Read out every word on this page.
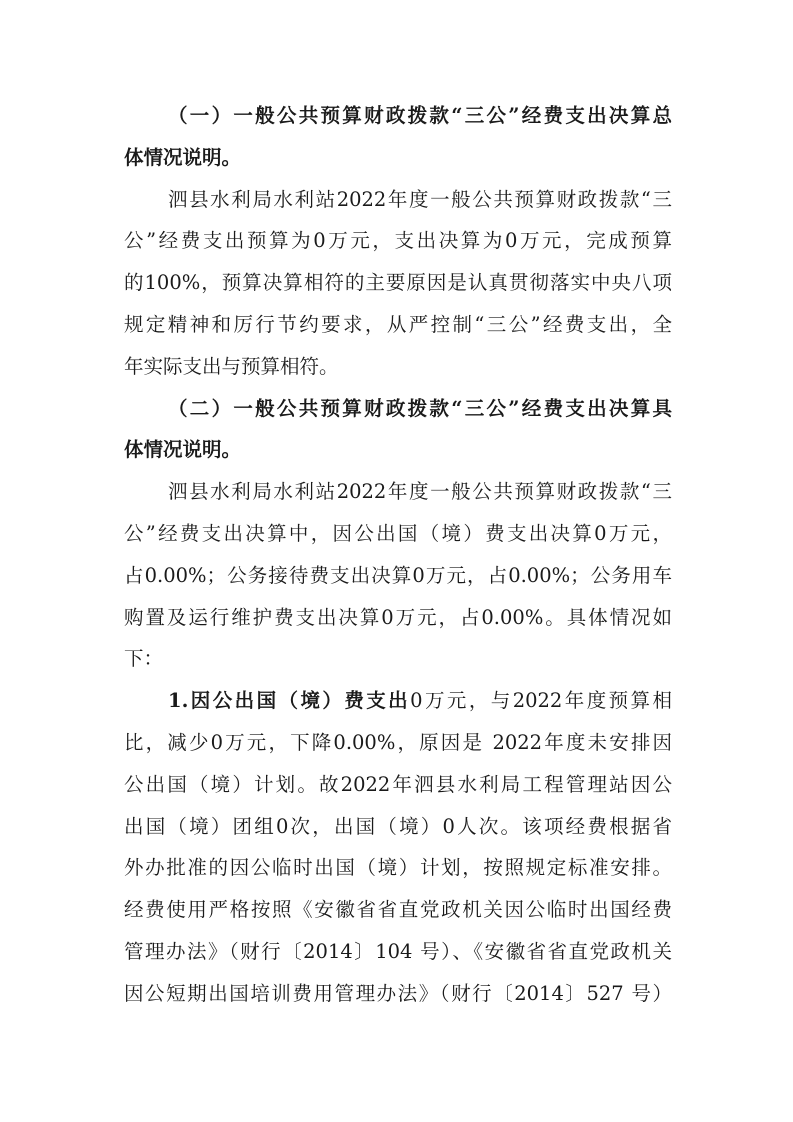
（一）一般公共预算财政拨款“三公”经费支出决算总
体情况说明。
泗县水利局水利站2022年度一般公共预算财政拨款“三
公”经费支出预算为0万元，支出决算为0万元，完成预算
的100%，预算决算相符的主要原因是认真贯彻落实中央八项
规定精神和厉行节约要求，从严控制“三公”经费支出，全
年实际支出与预算相符。
（二）一般公共预算财政拨款“三公”经费支出决算具
体情况说明。
泗县水利局水利站2022年度一般公共预算财政拨款“三
公”经费支出决算中，因公出国（境）费支出决算0万元，
占0.00%；公务接待费支出决算0万元，占0.00%；公务用车
购置及运行维护费支出决算0万元，占0.00%。具体情况如
下：
1.因公出国（境）费支出0万元，与2022年度预算相
比，减少0万元，下降0.00%，原因是 2022年度未安排因
公出国（境）计划。故2022年泗县水利局工程管理站因公
出国（境）团组0次，出国（境）0人次。该项经费根据省
外办批准的因公临时出国（境）计划，按照规定标准安排。
经费使用严格按照《安徽省省直党政机关因公临时出国经费
管理办法》（财行〔2014〕104 号）、《安徽省省直党政机关
因公短期出国培训费用管理办法》（财行〔2014〕527 号）
